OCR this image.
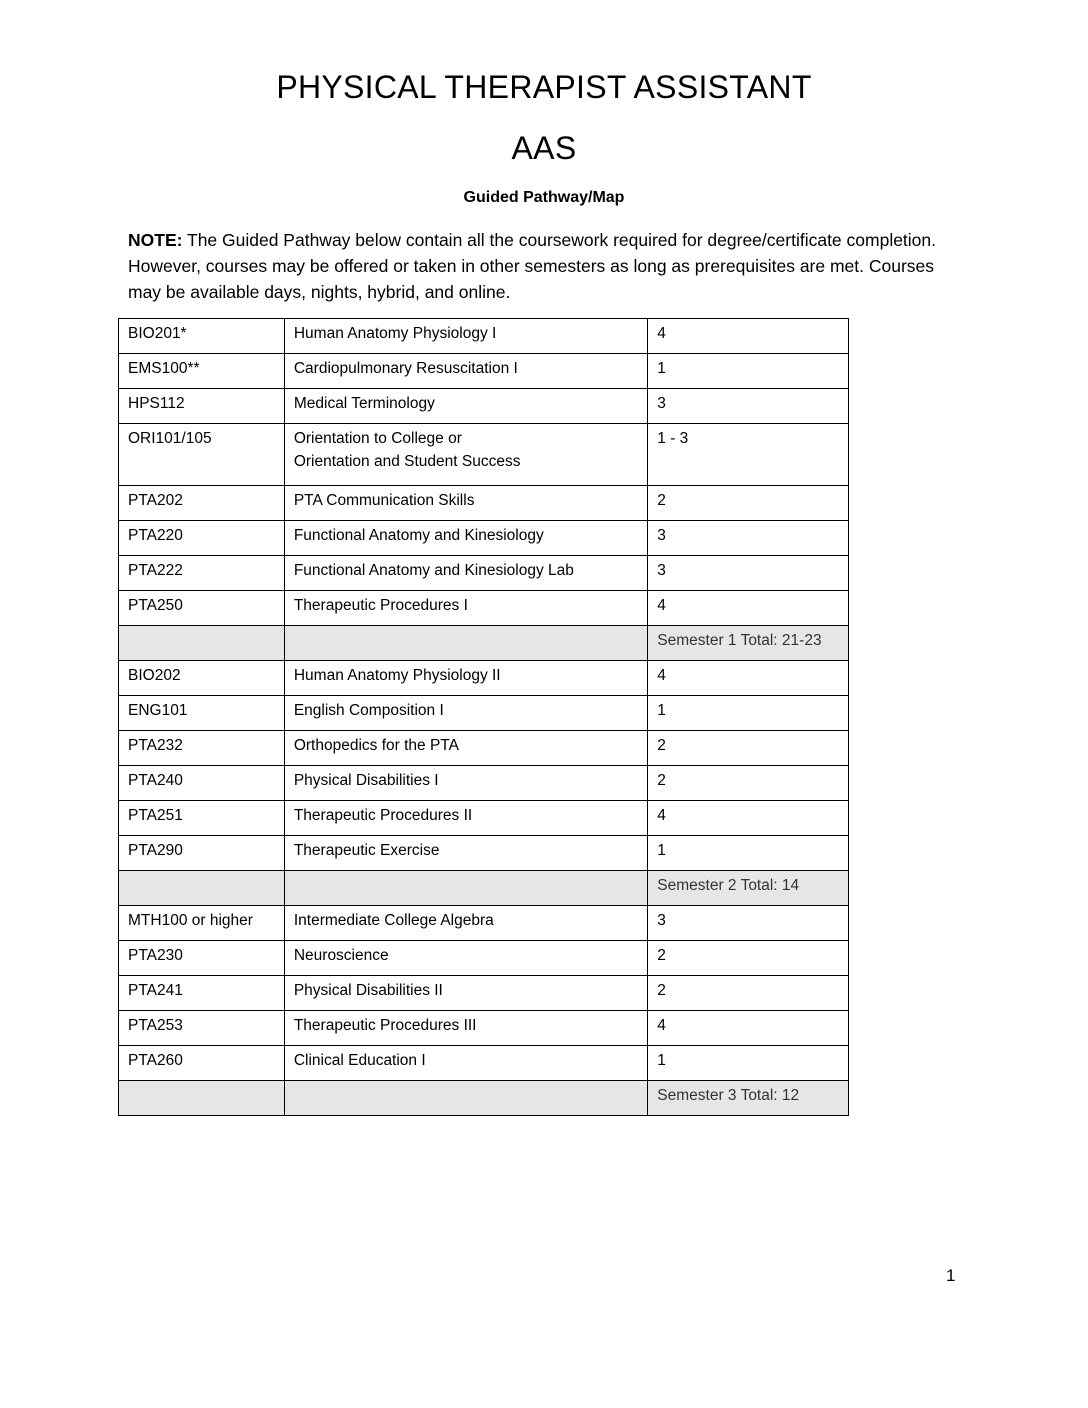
PHYSICAL THERAPIST ASSISTANT
AAS
Guided Pathway/Map

NOTE: The Guided Pathway below contain all the coursework required for degree/certificate completion. However, courses may be offered or taken in other semesters as long as prerequisites are met. Courses may be available days, nights, hybrid, and online.

BIO201*	Human Anatomy Physiology I	4
EMS100**	Cardiopulmonary Resuscitation I	1
HPS112	Medical Terminology	3
ORI101/105	Orientation to College or
Orientation and Student Success	1 - 3
PTA202	PTA Communication Skills	2
PTA220	Functional Anatomy and Kinesiology	3
PTA222	Functional Anatomy and Kinesiology Lab	3
PTA250	Therapeutic Procedures I	4
		Semester 1 Total: 21-23
BIO202	Human Anatomy Physiology II	4
ENG101	English Composition I	1
PTA232	Orthopedics for the PTA	2
PTA240	Physical Disabilities I	2
PTA251	Therapeutic Procedures II	4
PTA290	Therapeutic Exercise	1
		Semester 2 Total: 14
MTH100 or higher	Intermediate College Algebra	3
PTA230	Neuroscience	2
PTA241	Physical Disabilities II	2
PTA253	Therapeutic Procedures III	4
PTA260	Clinical Education I	1
		Semester 3 Total: 12
1
